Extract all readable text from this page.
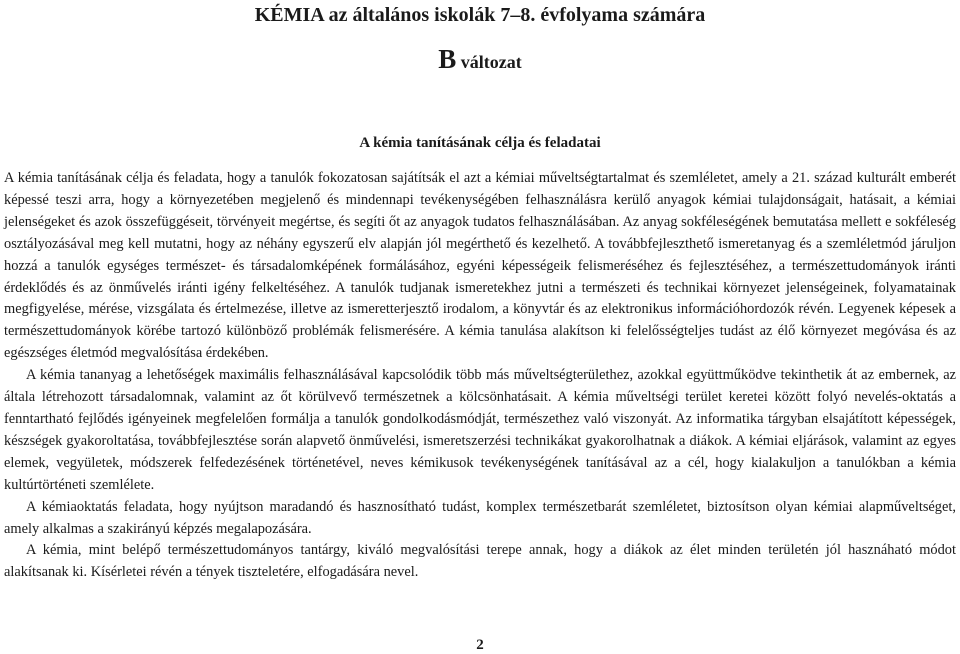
KÉMIA az általános iskolák 7–8. évfolyama számára
B változat
A kémia tanításának célja és feladatai

A kémia tanításának célja és feladata, hogy a tanulók fokozatosan sajátítsák el azt a kémiai műveltségtartalmat és szemléletet, amely a 21. század kulturált emberét képessé teszi arra, hogy a környezetében megjelenő és mindennapi tevékenységében felhasználásra kerülő anyagok kémiai tulajdonságait, hatásait, a kémiai jelenségeket és azok összefüggéseit, törvényeit megértse, és segíti őt az anyagok tudatos felhasználásában. Az anyag sokféleségének bemutatása mellett e sokféleség osztályozásával meg kell mutatni, hogy az néhány egyszerű elv alapján jól megérthető és kezelhető. A továbbfejleszthető ismeretanyag és a szemléletmód járuljon hozzá a tanulók egységes természet- és társadalomképének formálásához, egyéni képességeik felismeréséhez és fejlesztéséhez, a természettudományok iránti érdeklődés és az önművelés iránti igény felkeltéséhez. A tanulók tudjanak ismeretekhez jutni a természeti és technikai környezet jelenségeinek, folyamatainak megfigyelése, mérése, vizsgálata és értelmezése, illetve az ismeretterjesztő irodalom, a könyvtár és az elektronikus információhordozók révén. Legyenek képesek a természettudományok körébe tartozó különböző problémák felismerésére. A kémia tanulása alakítson ki felelősségteljes tudást az élő környezet megóvása és az egészséges életmód megvalósítása érdekében.

A kémia tananyag a lehetőségek maximális felhasználásával kapcsolódik több más műveltségterülethez, azokkal együttműködve tekinthetik át az embernek, az általa létrehozott társadalomnak, valamint az őt körülvevő természetnek a kölcsönhatásait. A kémia műveltségi terület keretei között folyó nevelés-oktatás a fenntartható fejlődés igényeinek megfelelően formálja a tanulók gondolkodásmódját, természethez való viszonyát. Az informatika tárgyban elsajátított képességek, készségek gyakoroltatása, továbbfejlesztése során alapvető önművelési, ismeretszerzési technikákat gyakorolhatnak a diákok. A kémiai eljárások, valamint az egyes elemek, vegyületek, módszerek felfedezésének történetével, neves kémikusok tevékenységének tanításával az a cél, hogy kialakuljon a tanulókban a kémia kultúrtörténeti szemlélete.

A kémiaoktatás feladata, hogy nyújtson maradandó és hasznosítható tudást, komplex természetbarát szemléletet, biztosítson olyan kémiai alapműveltséget, amely alkalmas a szakirányú képzés megalapozására.

A kémia, mint belépő természettudományos tantárgy, kiváló megvalósítási terepe annak, hogy a diákok az élet minden területén jól hasznáható módot alakítsanak ki. Kísérletei révén a tények tiszteletére, elfogadására nevel.

2
